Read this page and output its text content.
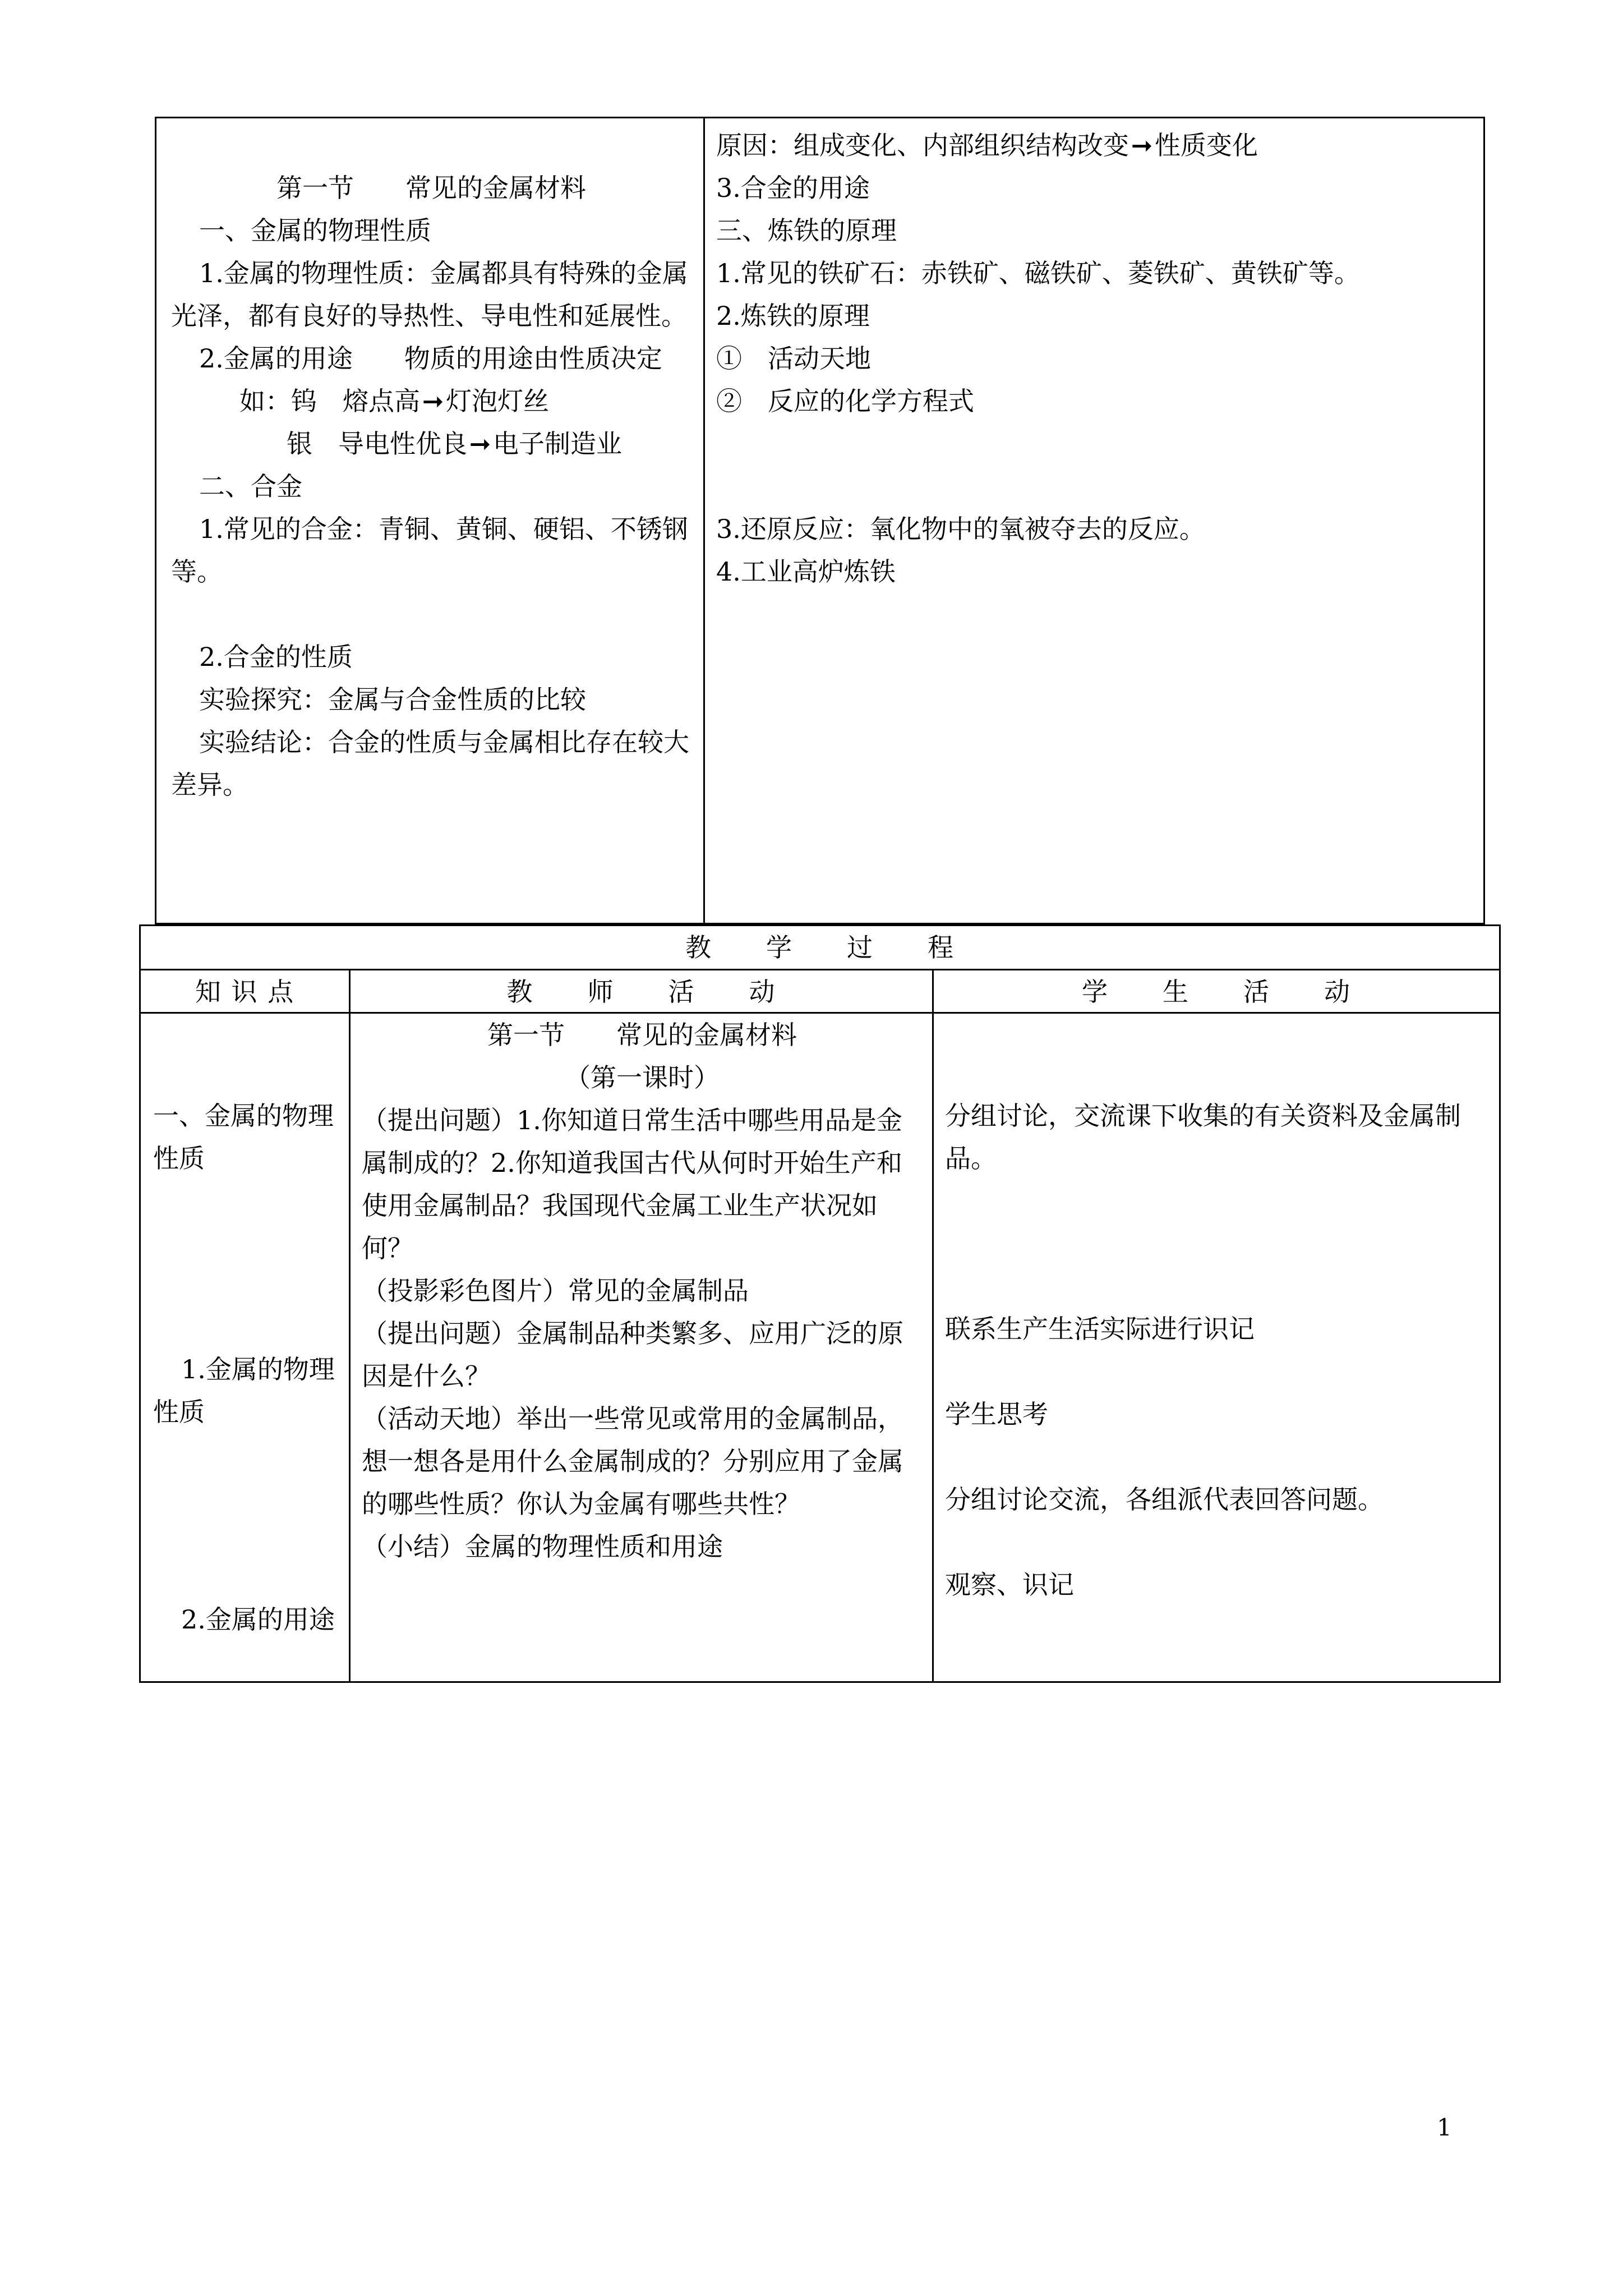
第一节　　常见的金属材料
一、金属的物理性质
1.金属的物理性质：金属都具有特殊的金属光泽，都有良好的导热性、导电性和延展性。
2.金属的用途　　物质的用途由性质决定
如：钨　熔点高➞灯泡灯丝
银　导电性优良➞电子制造业
二、合金
1.常见的合金：青铜、黄铜、硬铝、不锈钢等。
2.合金的性质
实验探究：金属与合金性质的比较
实验结论：合金的性质与金属相比存在较大差异。
原因：组成变化、内部组织结构改变➞性质变化
3.合金的用途
三、炼铁的原理
1.常见的铁矿石：赤铁矿、磁铁矿、菱铁矿、黄铁矿等。
2.炼铁的原理
①　活动天地
②　反应的化学方程式
3.还原反应：氧化物中的氧被夺去的反应。
4.工业高炉炼铁
教　　学　　过　　程
知 识 点	教　　师　　活　　动	学　　生　　活　　动
一、金属的物理性质
1.金属的物理性质
2.金属的用途
第一节　　常见的金属材料
（第一课时）
（提出问题）1.你知道日常生活中哪些用品是金属制成的？2.你知道我国古代从何时开始生产和使用金属制品？我国现代金属工业生产状况如何？
（投影彩色图片）常见的金属制品
（提出问题）金属制品种类繁多、应用广泛的原因是什么？
（活动天地）举出一些常见或常用的金属制品，想一想各是用什么金属制成的？分别应用了金属的哪些性质？你认为金属有哪些共性？
（小结）金属的物理性质和用途
分组讨论，交流课下收集的有关资料及金属制品。
联系生产生活实际进行识记
学生思考
分组讨论交流，各组派代表回答问题。
观察、识记
1
